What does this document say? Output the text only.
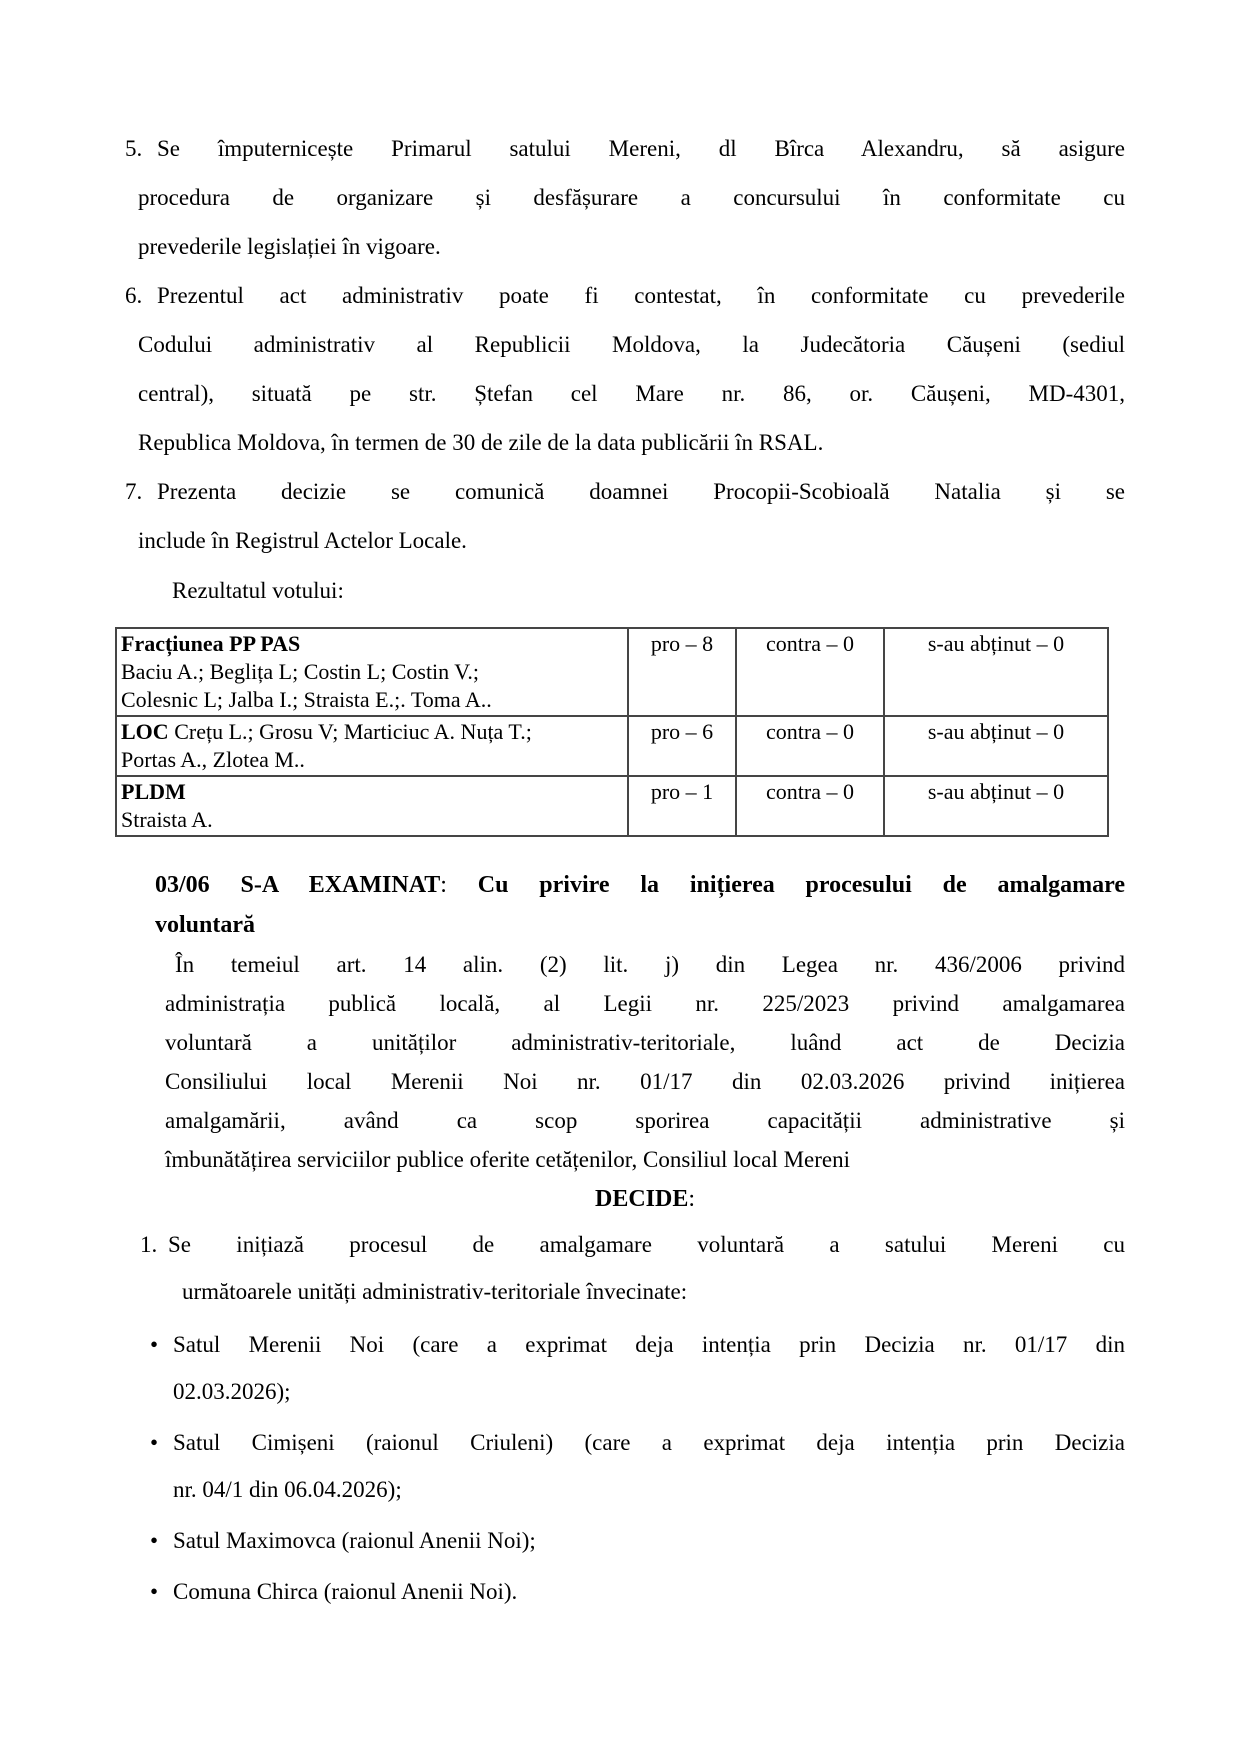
5. Se împuternicește Primarul satului Mereni, dl Bîrca Alexandru, să asigure
procedura de organizare și desfășurare a concursului în conformitate cu
prevederile legislației în vigoare.
6. Prezentul act administrativ poate fi contestat, în conformitate cu prevederile
Codului administrativ al Republicii Moldova, la Judecătoria Căușeni (sediul
central), situată pe str. Ștefan cel Mare nr. 86, or. Căușeni, MD-4301,
Republica Moldova, în termen de 30 de zile de la data publicării în RSAL.
7. Prezenta decizie se comunică doamnei Procopii-Scobioală Natalia și se
include în Registrul Actelor Locale.
Rezultatul votului:
Fracțiunea PP PAS
Baciu A.; Beglița L; Costin L; Costin V.;
Colesnic L; Jalba I.; Straista E.;. Toma A..	pro – 8	contra – 0	s-au abținut – 0

LOC Crețu L.; Grosu V; Marticiuc A. Nuța T.;
Portas A., Zlotea M..	pro – 6	contra – 0	s-au abținut – 0

PLDM
Straista A.	pro – 1	contra – 0	s-au abținut – 0
03/06 S-A EXAMINAT: Cu privire la inițierea procesului de amalgamare
voluntară
În temeiul art. 14 alin. (2) lit. j) din Legea nr. 436/2006 privind
administrația publică locală, al Legii nr. 225/2023 privind amalgamarea
voluntară a unităților administrativ-teritoriale, luând act de Decizia
Consiliului local Merenii Noi nr. 01/17 din 02.03.2026 privind inițierea
amalgamării, având ca scop sporirea capacității administrative și
îmbunătățirea serviciilor publice oferite cetățenilor, Consiliul local Mereni
DECIDE:
1. Se inițiază procesul de amalgamare voluntară a satului Mereni cu
următoarele unități administrativ-teritoriale învecinate:
• Satul Merenii Noi (care a exprimat deja intenția prin Decizia nr. 01/17 din
02.03.2026);
• Satul Cimișeni (raionul Criuleni) (care a exprimat deja intenția prin Decizia
nr. 04/1 din 06.04.2026);
• Satul Maximovca (raionul Anenii Noi);
• Comuna Chirca (raionul Anenii Noi).
